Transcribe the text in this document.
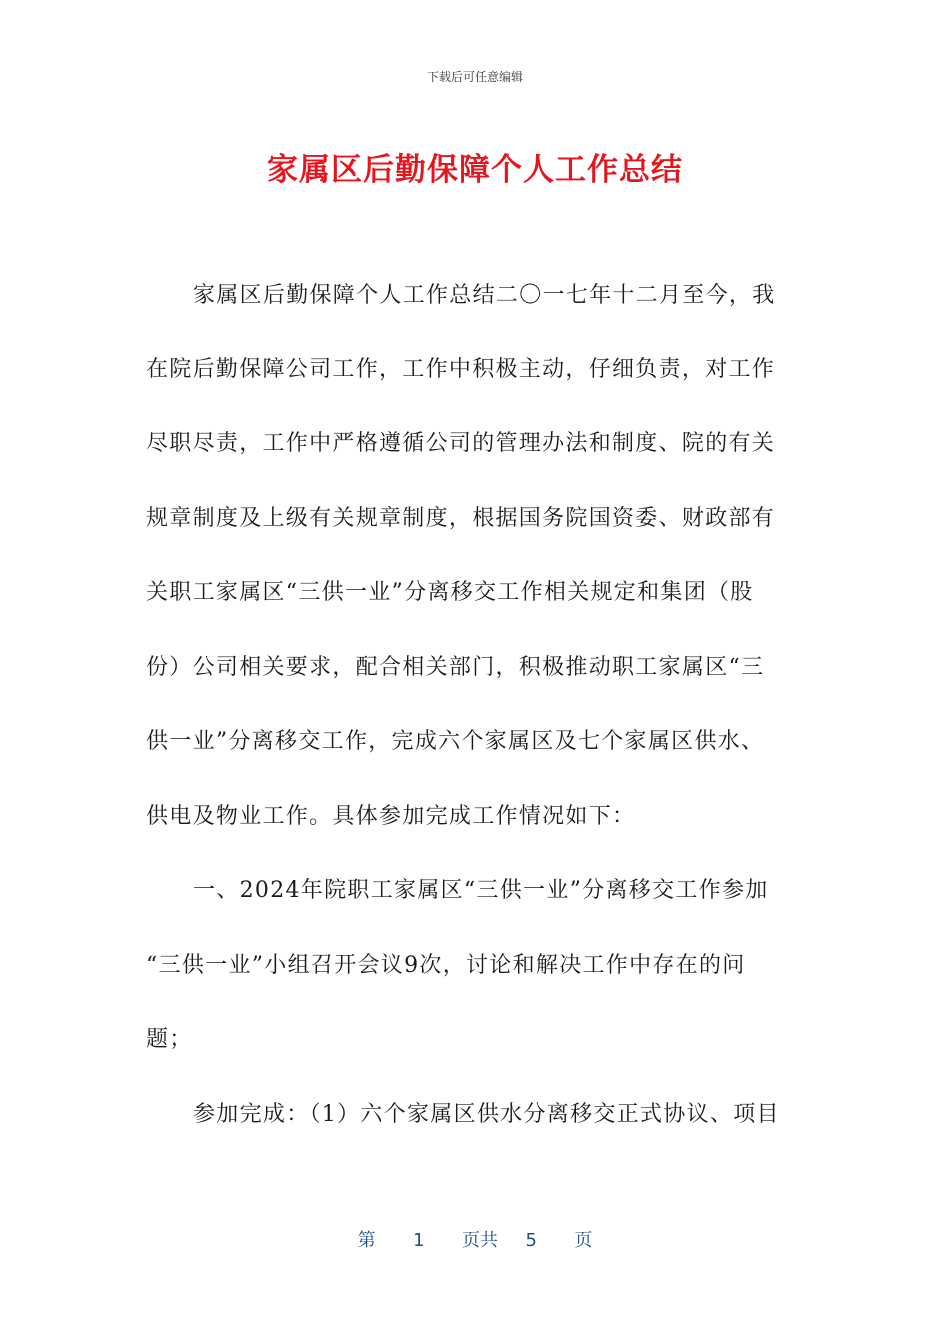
下载后可任意编辑
家属区后勤保障个人工作总结
家属区后勤保障个人工作总结二〇一七年十二月至今，我
在院后勤保障公司工作，工作中积极主动，仔细负责，对工作
尽职尽责，工作中严格遵循公司的管理办法和制度、院的有关
规章制度及上级有关规章制度，根据国务院国资委、财政部有
关职工家属区“三供一业”分离移交工作相关规定和集团（股
份）公司相关要求，配合相关部门，积极推动职工家属区“三
供一业”分离移交工作，完成六个家属区及七个家属区供水、
供电及物业工作。具体参加完成工作情况如下：
一、2024年院职工家属区“三供一业”分离移交工作参加
“三供一业”小组召开会议9次，讨论和解决工作中存在的问
题；
参加完成：（1）六个家属区供水分离移交正式协议、项目
第 1 页共 5 页
